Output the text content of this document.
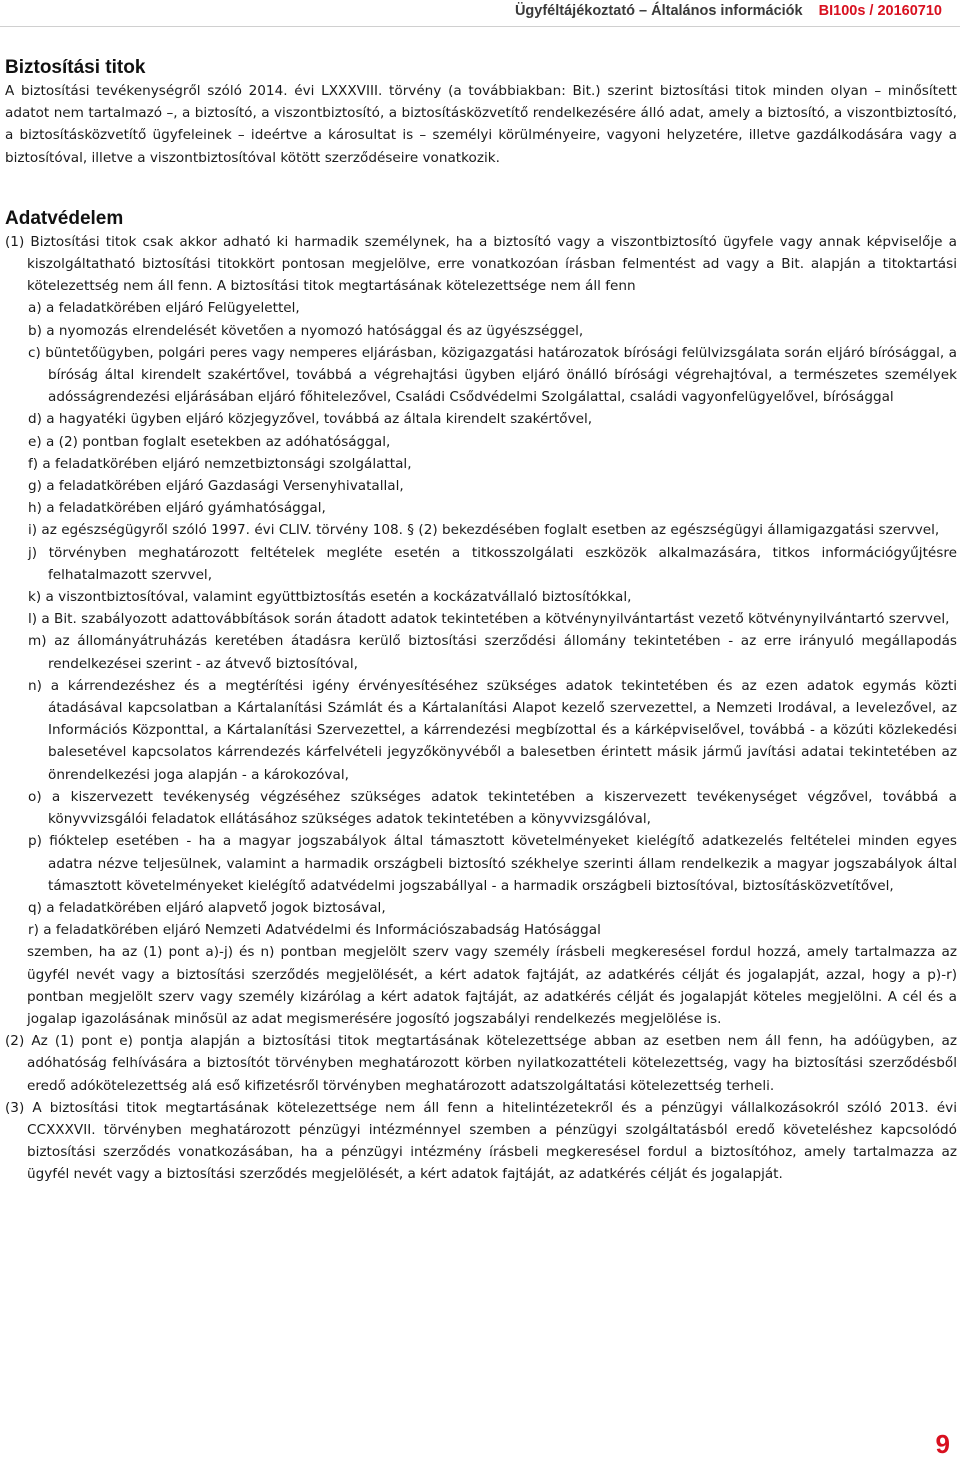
Ügyféltájékoztató – Általános információk BI100s / 20160710
Biztosítási titok

A biztosítási tevékenységről szóló 2014. évi LXXXVIII. törvény (a továbbiakban: Bit.) szerint biztosítási titok minden olyan – minősített adatot nem tartalmazó –, a biztosító, a viszontbiztosító, a biztosításközvetítő rendelkezésére álló adat, amely a biztosító, a viszontbiztosító, a biztosításközvetítő ügyfeleinek – ideértve a károsultat is – személyi körülményeire, vagyoni helyzetére, illetve gazdálkodására vagy a biztosítóval, illetve a viszontbiztosítóval kötött szerződéseire vonatkozik.

Adatvédelem

(1) Biztosítási titok csak akkor adható ki harmadik személynek, ha a biztosító vagy a viszontbiztosító ügyfele vagy annak képviselője a kiszolgáltatható biztosítási titokkört pontosan megjelölve, erre vonatkozóan írásban felmentést ad vagy a Bit. alapján a titoktartási kötelezettség nem áll fenn. A biztosítási titok megtartásának kötelezettsége nem áll fenn

a) a feladatkörében eljáró Felügyelettel,

b) a nyomozás elrendelését követően a nyomozó hatósággal és az ügyészséggel,

c) büntetőügyben, polgári peres vagy nemperes eljárásban, közigazgatási határozatok bírósági felülvizsgálata során eljáró bírósággal, a bíróság által kirendelt szakértővel, továbbá a végrehajtási ügyben eljáró önálló bírósági végrehajtóval, a természetes személyek adósságrendezési eljárásában eljáró főhitelezővel, Családi Csődvédelmi Szolgálattal, családi vagyonfelügyelővel, bírósággal

d) a hagyatéki ügyben eljáró közjegyzővel, továbbá az általa kirendelt szakértővel,

e) a (2) pontban foglalt esetekben az adóhatósággal,

f) a feladatkörében eljáró nemzetbiztonsági szolgálattal,

g) a feladatkörében eljáró Gazdasági Versenyhivatallal,

h) a feladatkörében eljáró gyámhatósággal,

i) az egészségügyről szóló 1997. évi CLIV. törvény 108. § (2) bekezdésében foglalt esetben az egészségügyi államigazgatási szervvel,

j) törvényben meghatározott feltételek megléte esetén a titkosszolgálati eszközök alkalmazására, titkos információgyűjtésre felhatalmazott szervvel,

k) a viszontbiztosítóval, valamint együttbiztosítás esetén a kockázatvállaló biztosítókkal,

l) a Bit. szabályozott adattovábbítások során átadott adatok tekintetében a kötvénynyilvántartást vezető kötvénynyilvántartó szervvel,

m) az állományátruházás keretében átadásra kerülő biztosítási szerződési állomány tekintetében - az erre irányuló megállapodás rendelkezései szerint - az átvevő biztosítóval,

n) a kárrendezéshez és a megtérítési igény érvényesítéséhez szükséges adatok tekintetében és az ezen adatok egymás közti átadásával kapcsolatban a Kártalanítási Számlát és a Kártalanítási Alapot kezelő szervezettel, a Nemzeti Irodával, a levelezővel, az Információs Központtal, a Kártalanítási Szervezettel, a kárrendezési megbízottal és a kárképviselővel, továbbá - a közúti közlekedési balesetével kapcsolatos kárrendezés kárfelvételi jegyzőkönyvéből a balesetben érintett másik jármű javítási adatai tekintetében az önrendelkezési joga alapján - a károkozóval,

o) a kiszervezett tevékenység végzéséhez szükséges adatok tekintetében a kiszervezett tevékenységet végzővel, továbbá a könyvvizsgálói feladatok ellátásához szükséges adatok tekintetében a könyvvizsgálóval,

p) fióktelep esetében - ha a magyar jogszabályok által támasztott követelményeket kielégítő adatkezelés feltételei minden egyes adatra nézve teljesülnek, valamint a harmadik országbeli biztosító székhelye szerinti állam rendelkezik a magyar jogszabályok által támasztott követelményeket kielégítő adatvédelmi jogszabállyal - a harmadik országbeli biztosítóval, biztosításközvetítővel,

q) a feladatkörében eljáró alapvető jogok biztosával,

r) a feladatkörében eljáró Nemzeti Adatvédelmi és Információszabadság Hatósággal

szemben, ha az (1) pont a)-j) és n) pontban megjelölt szerv vagy személy írásbeli megkeresésel fordul hozzá, amely tartalmazza az ügyfél nevét vagy a biztosítási szerződés megjelölését, a kért adatok fajtáját, az adatkérés célját és jogalapját, azzal, hogy a p)-r) pontban megjelölt szerv vagy személy kizárólag a kért adatok fajtáját, az adatkérés célját és jogalapját köteles megjelölni. A cél és a jogalap igazolásának minősül az adat megismerésére jogosító jogszabályi rendelkezés megjelölése is.

(2) Az (1) pont e) pontja alapján a biztosítási titok megtartásának kötelezettsége abban az esetben nem áll fenn, ha adóügyben, az adóhatóság felhívására a biztosítót törvényben meghatározott körben nyilatkozattételi kötelezettség, vagy ha biztosítási szerződésből eredő adókötelezettség alá eső kifizetésről törvényben meghatározott adatszolgáltatási kötelezettség terheli.

(3) A biztosítási titok megtartásának kötelezettsége nem áll fenn a hitelintézetekről és a pénzügyi vállalkozásokról szóló 2013. évi CCXXXVII. törvényben meghatározott pénzügyi intézménnyel szemben a pénzügyi szolgáltatásból eredő követeléshez kapcsolódó biztosítási szerződés vonatkozásában, ha a pénzügyi intézmény írásbeli megkeresésel fordul a biztosítóhoz, amely tartalmazza az ügyfél nevét vagy a biztosítási szerződés megjelölését, a kért adatok fajtáját, az adatkérés célját és jogalapját.

9
